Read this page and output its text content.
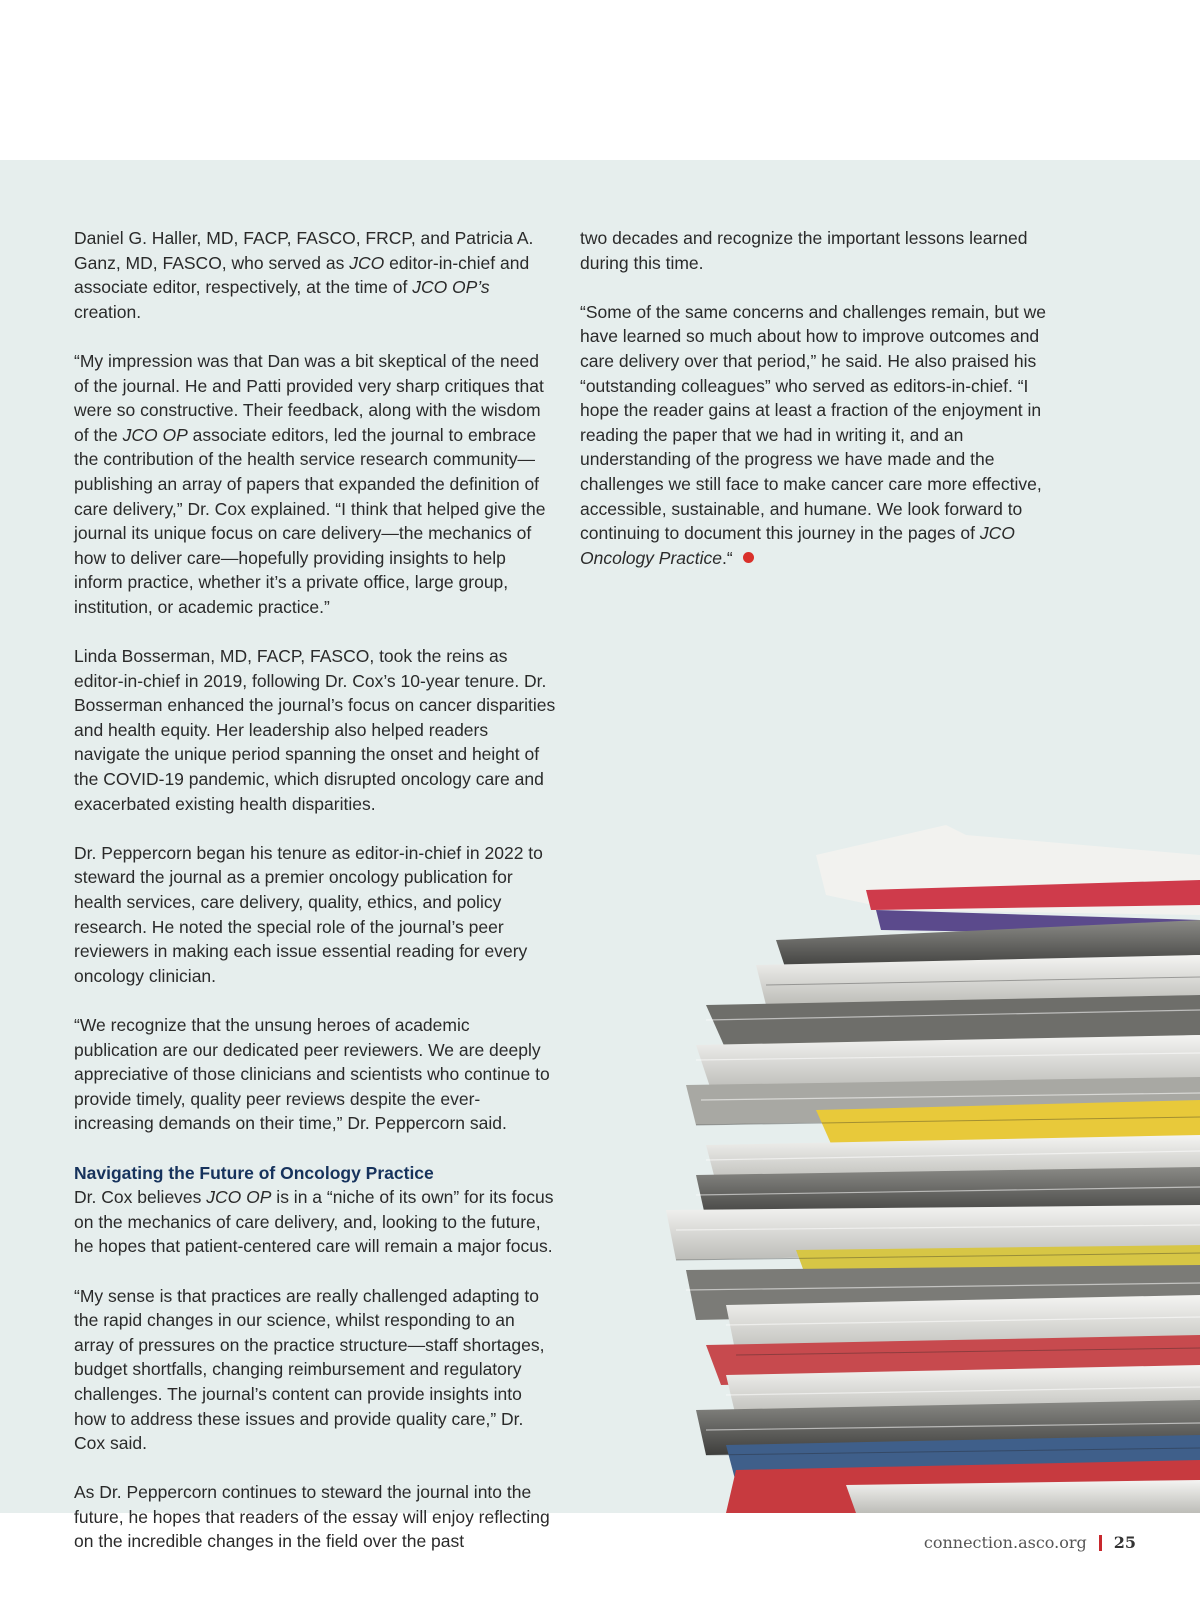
Daniel G. Haller, MD, FACP, FASCO, FRCP, and Patricia A. Ganz, MD, FASCO, who served as JCO editor-in-chief and associate editor, respectively, at the time of JCO OP’s creation.

“My impression was that Dan was a bit skeptical of the need of the journal. He and Patti provided very sharp critiques that were so constructive. Their feedback, along with the wisdom of the JCO OP associate editors, led the journal to embrace the contribution of the health service research community—publishing an array of papers that expanded the definition of care delivery,” Dr. Cox explained. “I think that helped give the journal its unique focus on care delivery—the mechanics of how to deliver care—hopefully providing insights to help inform practice, whether it’s a private office, large group, institution, or academic practice.”

Linda Bosserman, MD, FACP, FASCO, took the reins as editor-in-chief in 2019, following Dr. Cox’s 10-year tenure. Dr. Bosserman enhanced the journal’s focus on cancer disparities and health equity. Her leadership also helped readers navigate the unique period spanning the onset and height of the COVID-19 pandemic, which disrupted oncology care and exacerbated existing health disparities.

Dr. Peppercorn began his tenure as editor-in-chief in 2022 to steward the journal as a premier oncology publication for health services, care delivery, quality, ethics, and policy research. He noted the special role of the journal’s peer reviewers in making each issue essential reading for every oncology clinician.

“We recognize that the unsung heroes of academic publication are our dedicated peer reviewers. We are deeply appreciative of those clinicians and scientists who continue to provide timely, quality peer reviews despite the ever-increasing demands on their time,” Dr. Peppercorn said.

Navigating the Future of Oncology Practice

Dr. Cox believes JCO OP is in a “niche of its own” for its focus on the mechanics of care delivery, and, looking to the future, he hopes that patient-centered care will remain a major focus.

“My sense is that practices are really challenged adapting to the rapid changes in our science, whilst responding to an array of pressures on the practice structure—staff shortages, budget shortfalls, changing reimbursement and regulatory challenges. The journal’s content can provide insights into how to address these issues and provide quality care,” Dr. Cox said.

As Dr. Peppercorn continues to steward the journal into the future, he hopes that readers of the essay will enjoy reflecting on the incredible changes in the field over the past

two decades and recognize the important lessons learned during this time.

“Some of the same concerns and challenges remain, but we have learned so much about how to improve outcomes and care delivery over that period,” he said. He also praised his “outstanding colleagues” who served as editors-in-chief. “I hope the reader gains at least a fraction of the enjoyment in reading the paper that we had in writing it, and an understanding of the progress we have made and the challenges we still face to make cancer care more effective, accessible, sustainable, and humane. We look forward to continuing to document this journey in the pages of JCO Oncology Practice.“

connection.asco.org 25
